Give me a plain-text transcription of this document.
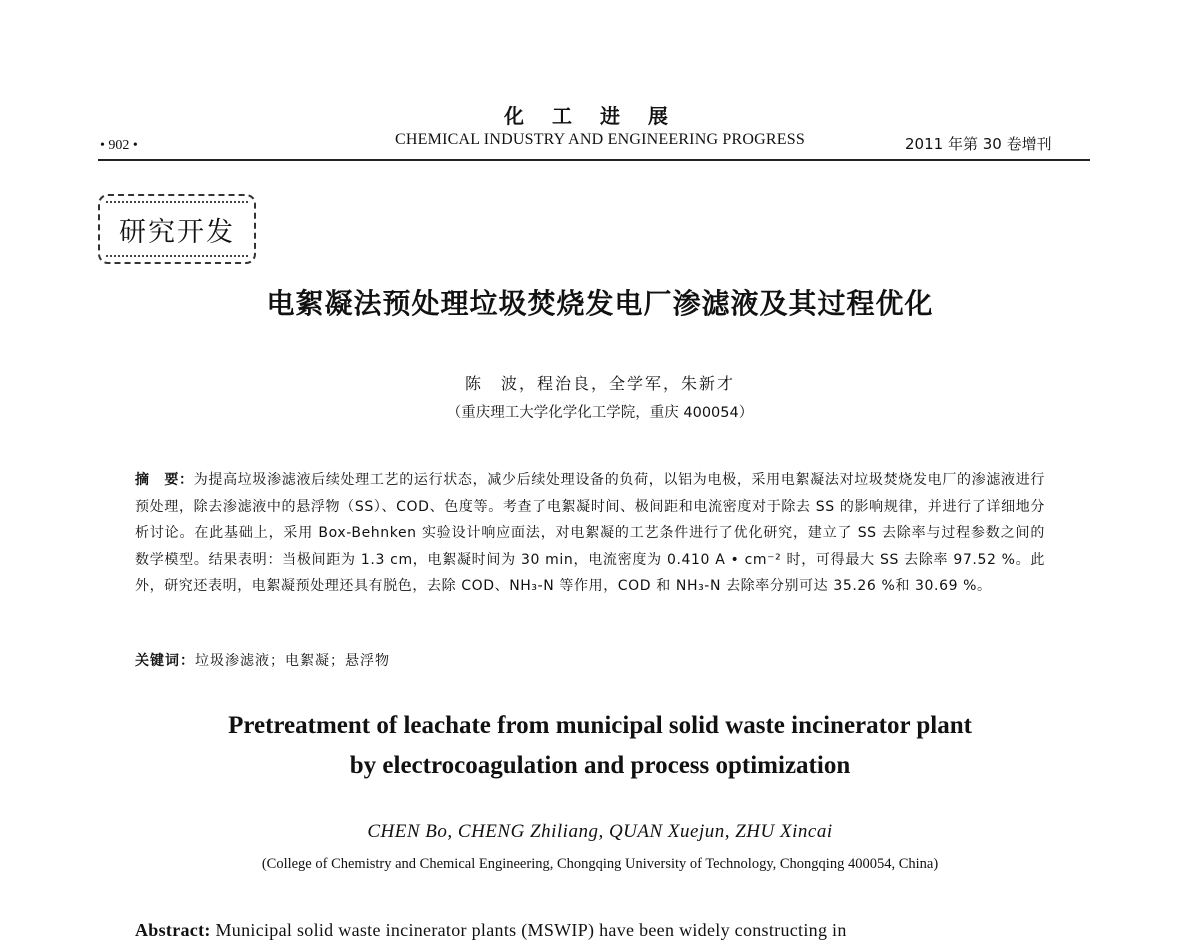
化工进展
• 902 •	CHEMICAL INDUSTRY AND ENGINEERING PROGRESS	2011 年第 30 卷增刊
研究开发
电絮凝法预处理垃圾焚烧发电厂渗滤液及其过程优化
陈　波，程治良，全学军，朱新才
（重庆理工大学化学化工学院，重庆 400054）
摘　要：为提高垃圾渗滤液后续处理工艺的运行状态，减少后续处理设备的负荷，以铝为电极，采用电絮凝法对垃圾焚烧发电厂的渗滤液进行预处理，除去渗滤液中的悬浮物（SS）、COD、色度等。考查了电絮凝时间、极间距和电流密度对于除去 SS 的影响规律，并进行了详细地分析讨论。在此基础上，采用 Box-Behnken 实验设计响应面法，对电絮凝的工艺条件进行了优化研究，建立了 SS 去除率与过程参数之间的数学模型。结果表明：当极间距为 1.3 cm，电絮凝时间为 30 min，电流密度为 0.410 A • cm⁻² 时，可得最大 SS 去除率 97.52 %。此外，研究还表明，电絮凝预处理还具有脱色，去除 COD、NH₃-N 等作用，COD 和 NH₃-N 去除率分别可达 35.26 %和 30.69 %。
关键词：垃圾渗滤液；电絮凝；悬浮物
Pretreatment of leachate from municipal solid waste incinerator plant
by electrocoagulation and process optimization
CHEN Bo, CHENG Zhiliang, QUAN Xuejun, ZHU Xincai
(College of Chemistry and Chemical Engineering, Chongqing University of Technology, Chongqing 400054, China)
Abstract: Municipal solid waste incinerator plants (MSWIP) have been widely constructing in
